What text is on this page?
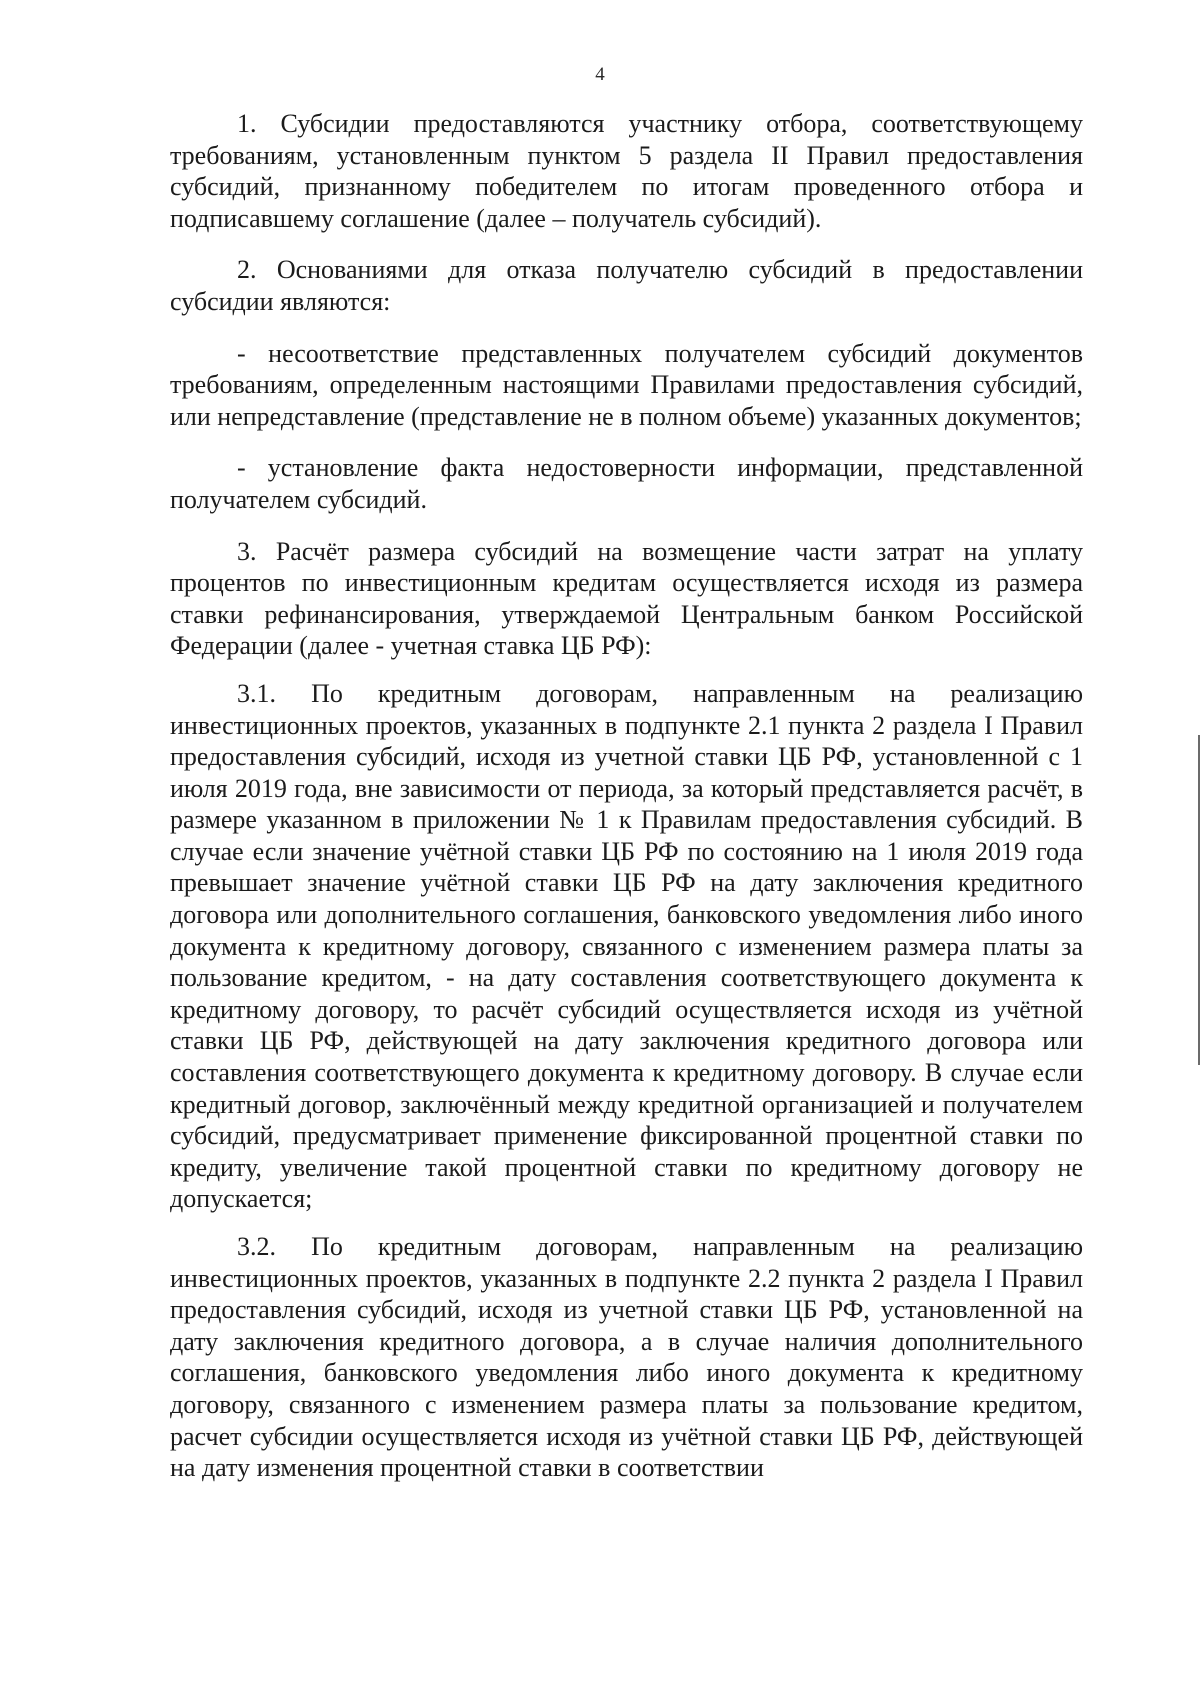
4

1. Субсидии предоставляются участнику отбора, соответствующему требованиям, установленным пунктом 5 раздела II Правил предоставления субсидий, признанному победителем по итогам проведенного отбора и подписавшему соглашение (далее – получатель субсидий).

2. Основаниями для отказа получателю субсидий в предоставлении субсидии являются:

- несоответствие представленных получателем субсидий документов требованиям, определенным настоящими Правилами предоставления субсидий, или непредставление (представление не в полном объеме) указанных документов;

- установление факта недостоверности информации, представленной получателем субсидий.

3. Расчёт размера субсидий на возмещение части затрат на уплату процентов по инвестиционным кредитам осуществляется исходя из размера ставки рефинансирования, утверждаемой Центральным банком Российской Федерации (далее - учетная ставка ЦБ РФ):

3.1. По кредитным договорам, направленным на реализацию инвестиционных проектов, указанных в подпункте 2.1 пункта 2 раздела I Правил предоставления субсидий, исходя из учетной ставки ЦБ РФ, установленной с 1 июля 2019 года, вне зависимости от периода, за который представляется расчёт, в размере указанном в приложении № 1 к Правилам предоставления субсидий. В случае если значение учётной ставки ЦБ РФ по состоянию на 1 июля 2019 года превышает значение учётной ставки ЦБ РФ на дату заключения кредитного договора или дополнительного соглашения, банковского уведомления либо иного документа к кредитному договору, связанного с изменением размера платы за пользование кредитом, - на дату составления соответствующего документа к кредитному договору, то расчёт субсидий осуществляется исходя из учётной ставки ЦБ РФ, действующей на дату заключения кредитного договора или составления соответствующего документа к кредитному договору. В случае если кредитный договор, заключённый между кредитной организацией и получателем субсидий, предусматривает применение фиксированной процентной ставки по кредиту, увеличение такой процентной ставки по кредитному договору не допускается;

3.2. По кредитным договорам, направленным на реализацию инвестиционных проектов, указанных в подпункте 2.2 пункта 2 раздела I Правил предоставления субсидий, исходя из учетной ставки ЦБ РФ, установленной на дату заключения кредитного договора, а в случае наличия дополнительного соглашения, банковского уведомления либо иного документа к кредитному договору, связанного с изменением размера платы за пользование кредитом, расчет субсидии осуществляется исходя из учётной ставки ЦБ РФ, действующей на дату изменения процентной ставки в соответствии
